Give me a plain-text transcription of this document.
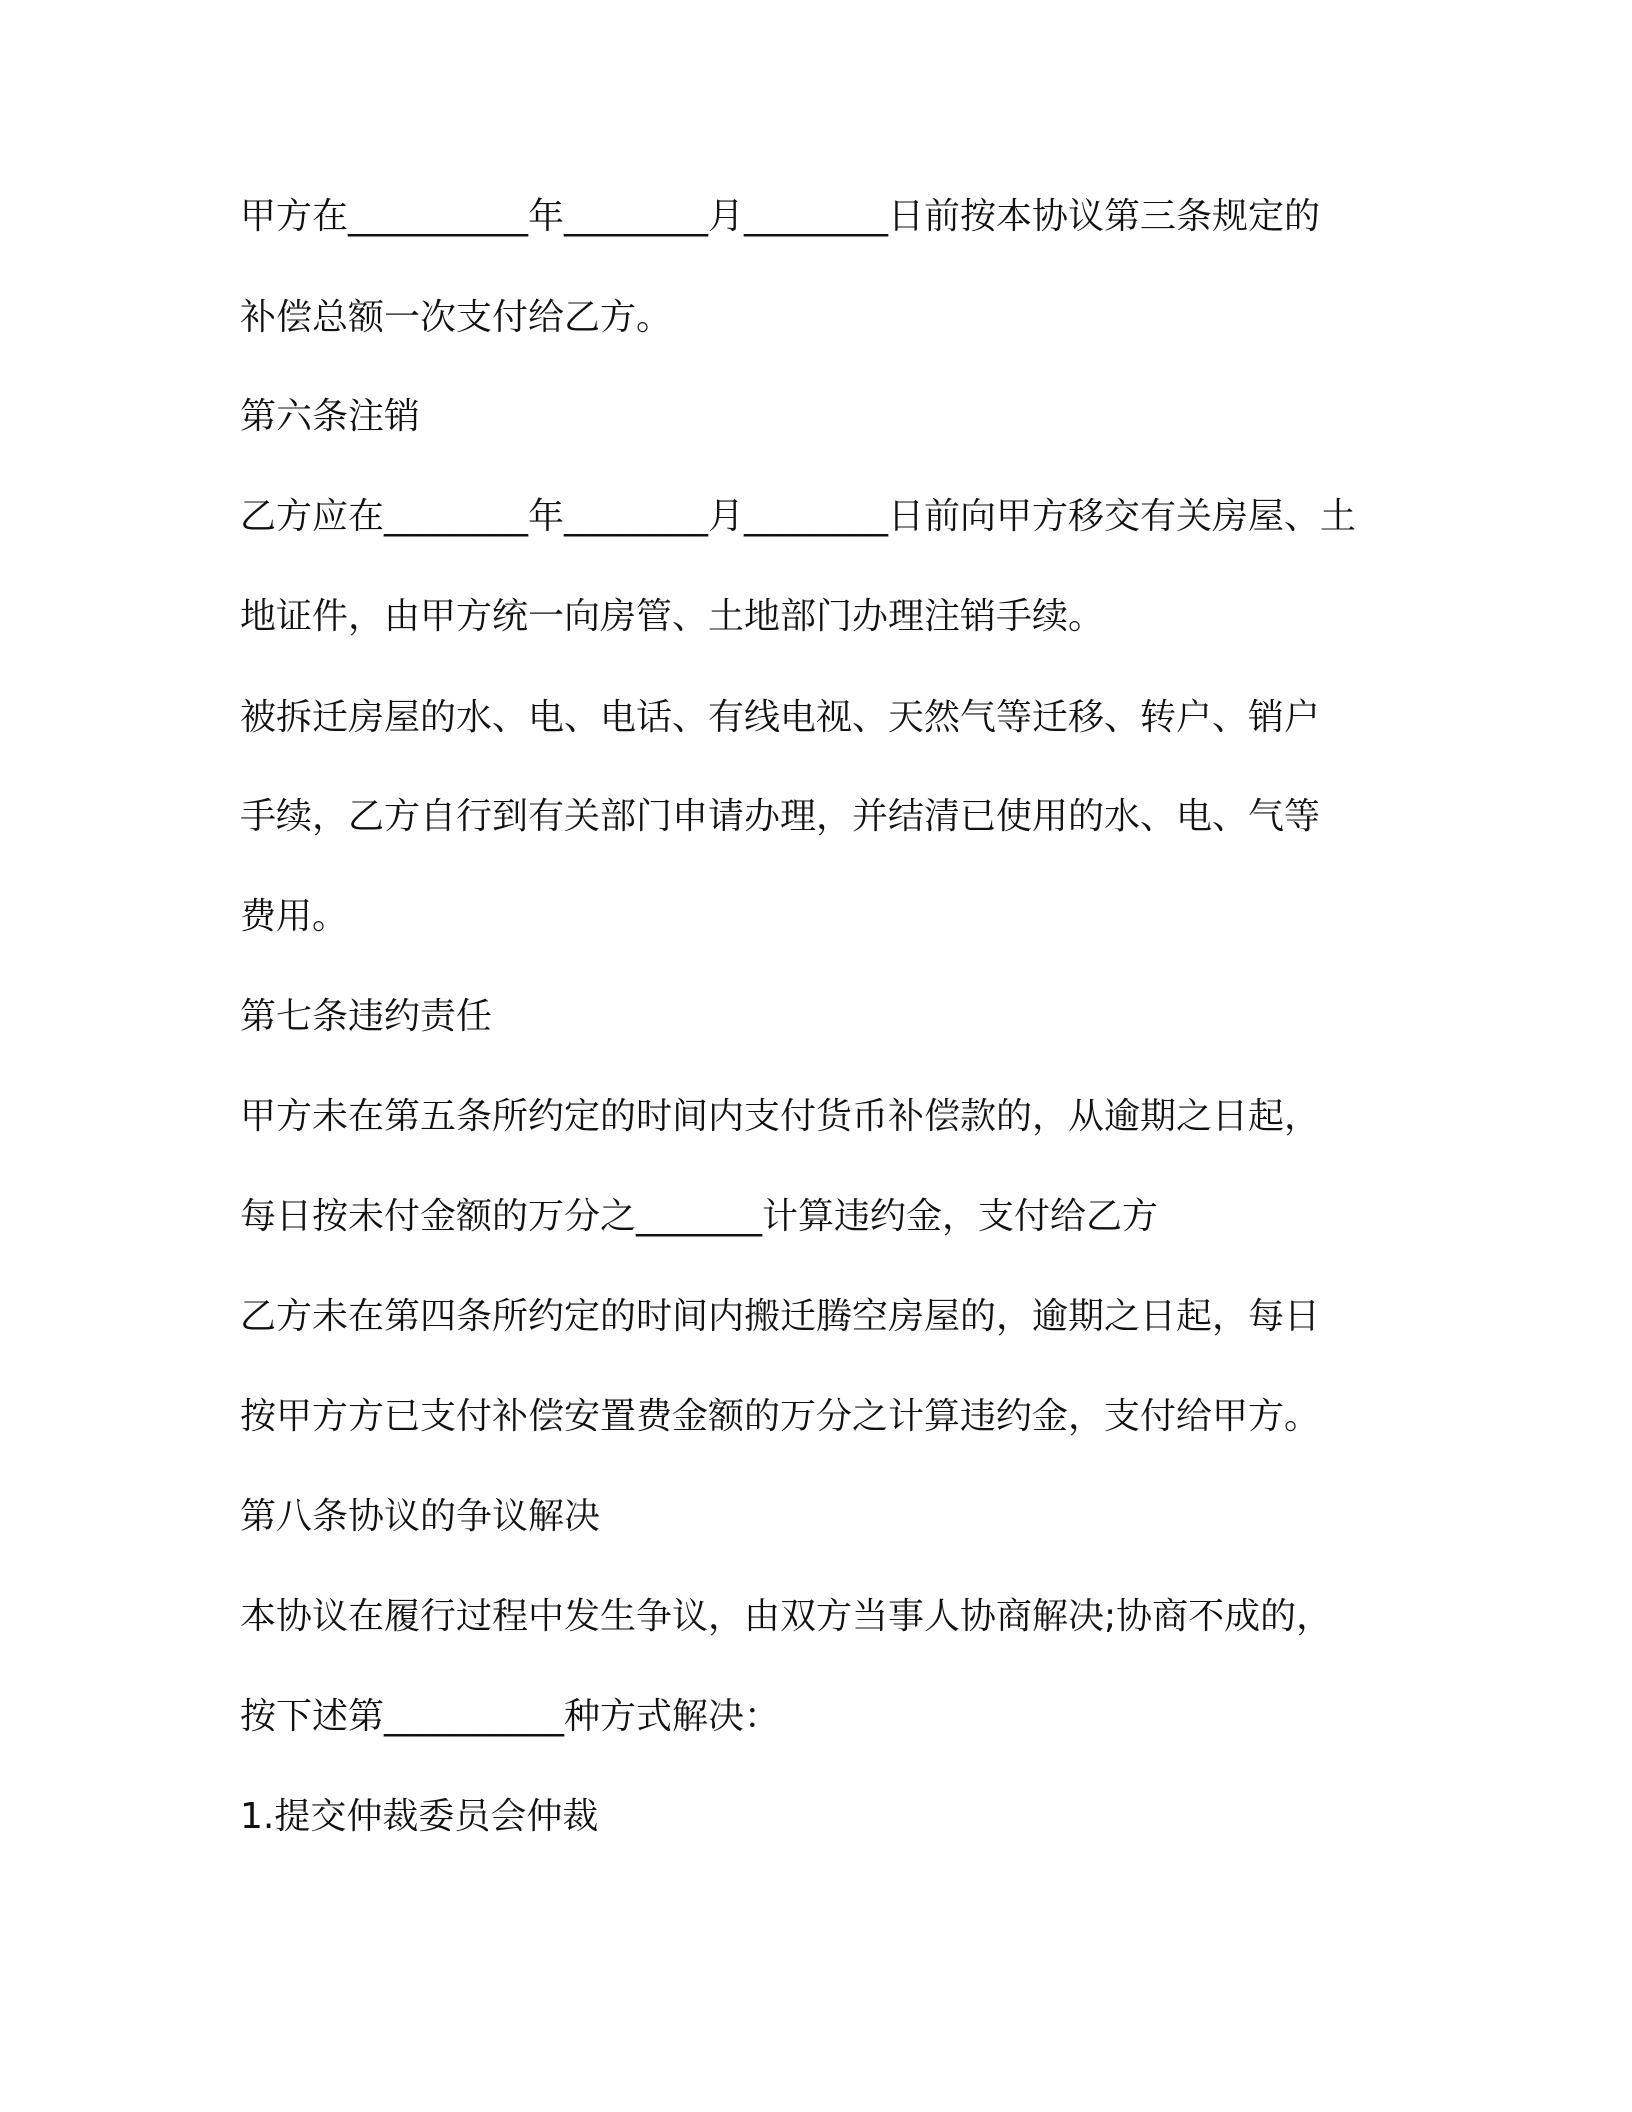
甲方在__________年________月________日前按本协议第三条规定的
补偿总额一次支付给乙方。
第六条注销
乙方应在________年________月________日前向甲方移交有关房屋、土
地证件，由甲方统一向房管、土地部门办理注销手续。
被拆迁房屋的水、电、电话、有线电视、天然气等迁移、转户、销户
手续，乙方自行到有关部门申请办理，并结清已使用的水、电、气等
费用。
第七条违约责任
甲方未在第五条所约定的时间内支付货币补偿款的，从逾期之日起，
每日按未付金额的万分之_______计算违约金，支付给乙方
乙方未在第四条所约定的时间内搬迁腾空房屋的，逾期之日起，每日
按甲方方已支付补偿安置费金额的万分之计算违约金，支付给甲方。
第八条协议的争议解决
本协议在履行过程中发生争议，由双方当事人协商解决;协商不成的，
按下述第__________种方式解决：
1.提交仲裁委员会仲裁
